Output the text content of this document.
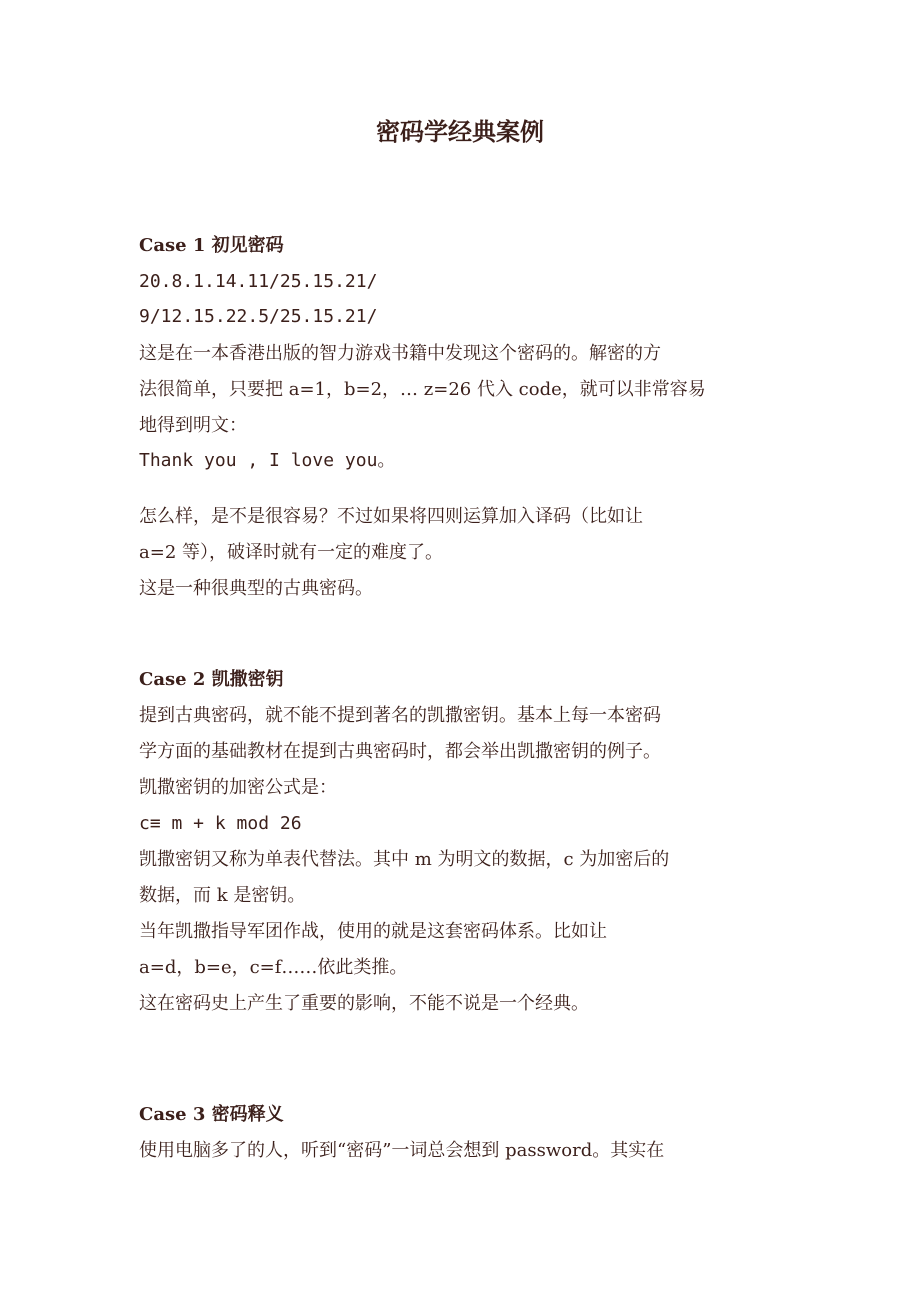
密码学经典案例

Case 1 初见密码

20.8.1.14.11/25.15.21/

9/12.15.22.5/25.15.21/

这是在一本香港出版的智力游戏书籍中发现这个密码的。解密的方

法很简单，只要把 a=1，b=2，… z=26 代入 code，就可以非常容易

地得到明文：

Thank you , I love you。

怎么样，是不是很容易？不过如果将四则运算加入译码（比如让

a=2 等），破译时就有一定的难度了。

这是一种很典型的古典密码。

Case 2 凯撒密钥

提到古典密码，就不能不提到著名的凯撒密钥。基本上每一本密码

学方面的基础教材在提到古典密码时，都会举出凯撒密钥的例子。

凯撒密钥的加密公式是：

c≡ m + k mod 26

凯撒密钥又称为单表代替法。其中 m 为明文的数据，c 为加密后的

数据，而 k 是密钥。

当年凯撒指导军团作战，使用的就是这套密码体系。比如让

a=d，b=e，c=f……依此类推。

这在密码史上产生了重要的影响，不能不说是一个经典。

Case 3 密码释义

使用电脑多了的人，听到“密码”一词总会想到 password。其实在
